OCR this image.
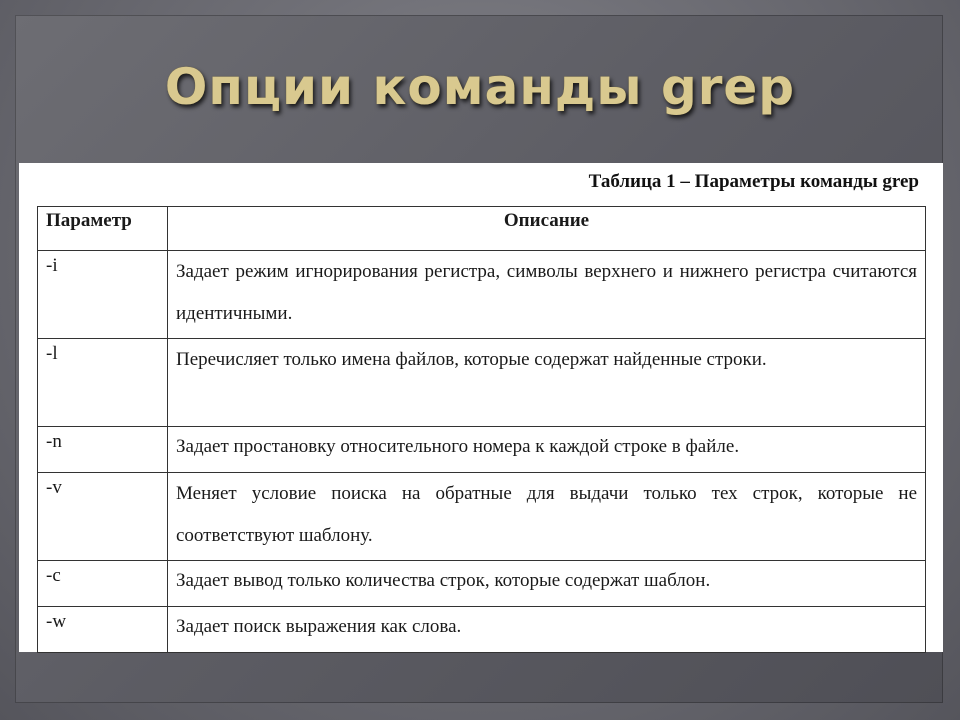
Опции команды grep
Таблица 1 – Параметры команды grep
Параметр	Описание
-i	Задает режим игнорирования регистра, символы верхнего и нижнего регистра считаются идентичными.
-l	Перечисляет только имена файлов, которые содержат найденные строки.
-n	Задает простановку относительного номера к каждой строке в файле.
-v	Меняет условие поиска на обратные для выдачи только тех строк, которые не соответствуют шаблону.
-c	Задает вывод только количества строк, которые содержат шаблон.
-w	Задает поиск выражения как слова.
